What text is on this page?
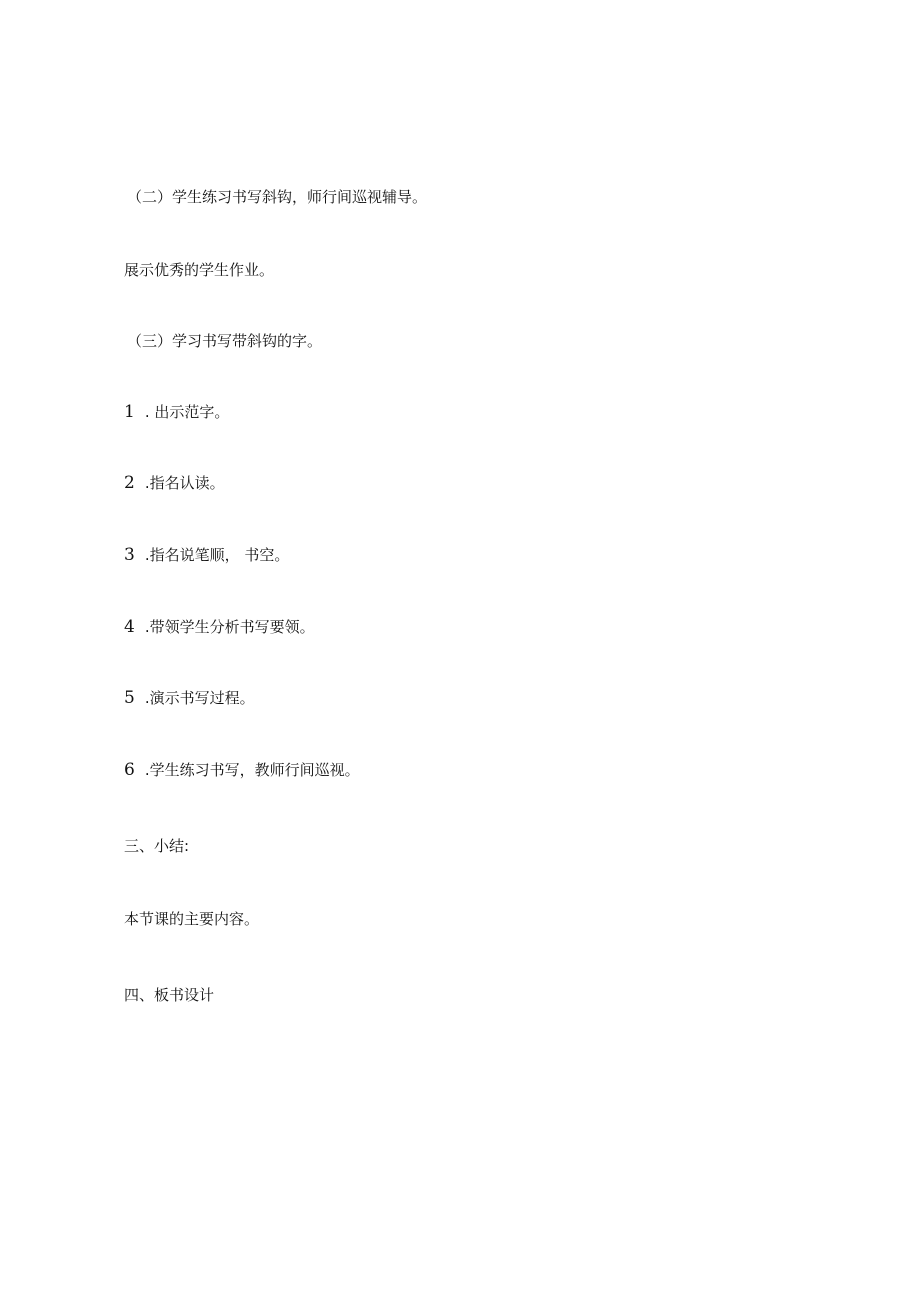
（二）学生练习书写斜钩，师行间巡视辅导。
展示优秀的学生作业。
（三）学习书写带斜钩的字。
1 . 出示范字。
2 .指名认读。
3 .指名说笔顺， 书空。
4 .带领学生分析书写要领。
5 .演示书写过程。
6 .学生练习书写，教师行间巡视。
三、小结:
本节课的主要内容。
四、板书设计
